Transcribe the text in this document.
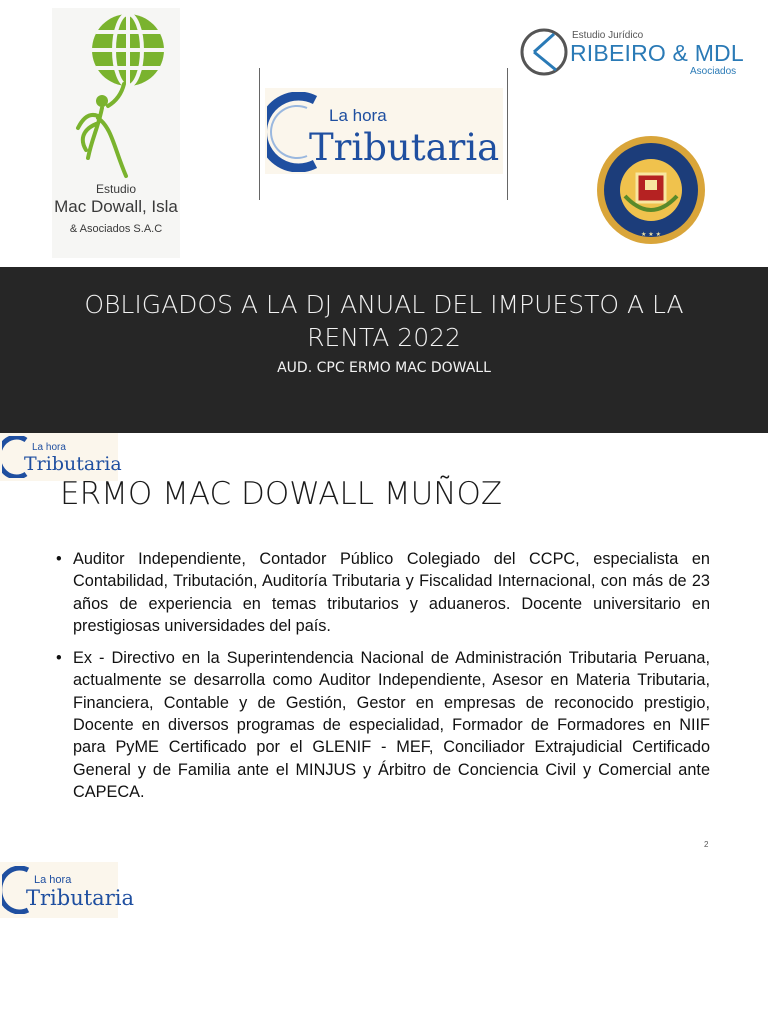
Estudio
Mac Dowall, Isla
& Asociados S.A.C
La hora
Tributaria
Estudio Jurídico
RIBEIRO & MDL
Asociados
★ ★ ★
OBLIGADOS A LA DJ ANUAL DEL IMPUESTO A LA RENTA 2022
AUD. CPC ERMO MAC DOWALL
La hora
Tributaria
ERMO MAC DOWALL MUÑOZ
• Auditor Independiente, Contador Público Colegiado del CCPC, especialista en Contabilidad, Tributación, Auditoría Tributaria y Fiscalidad Internacional, con más de 23 años de experiencia en temas tributarios y aduaneros. Docente universitario en prestigiosas universidades del país.
• Ex - Directivo en la Superintendencia Nacional de Administración Tributaria Peruana, actualmente se desarrolla como Auditor Independiente, Asesor en Materia Tributaria, Financiera, Contable y de Gestión, Gestor en empresas de reconocido prestigio, Docente en diversos programas de especialidad, Formador de Formadores en NIIF para PyME Certificado por el GLENIF - MEF, Conciliador Extrajudicial Certificado General y de Familia ante el MINJUS y Árbitro de Conciencia Civil y Comercial ante CAPECA.
2
La hora
Tributaria
